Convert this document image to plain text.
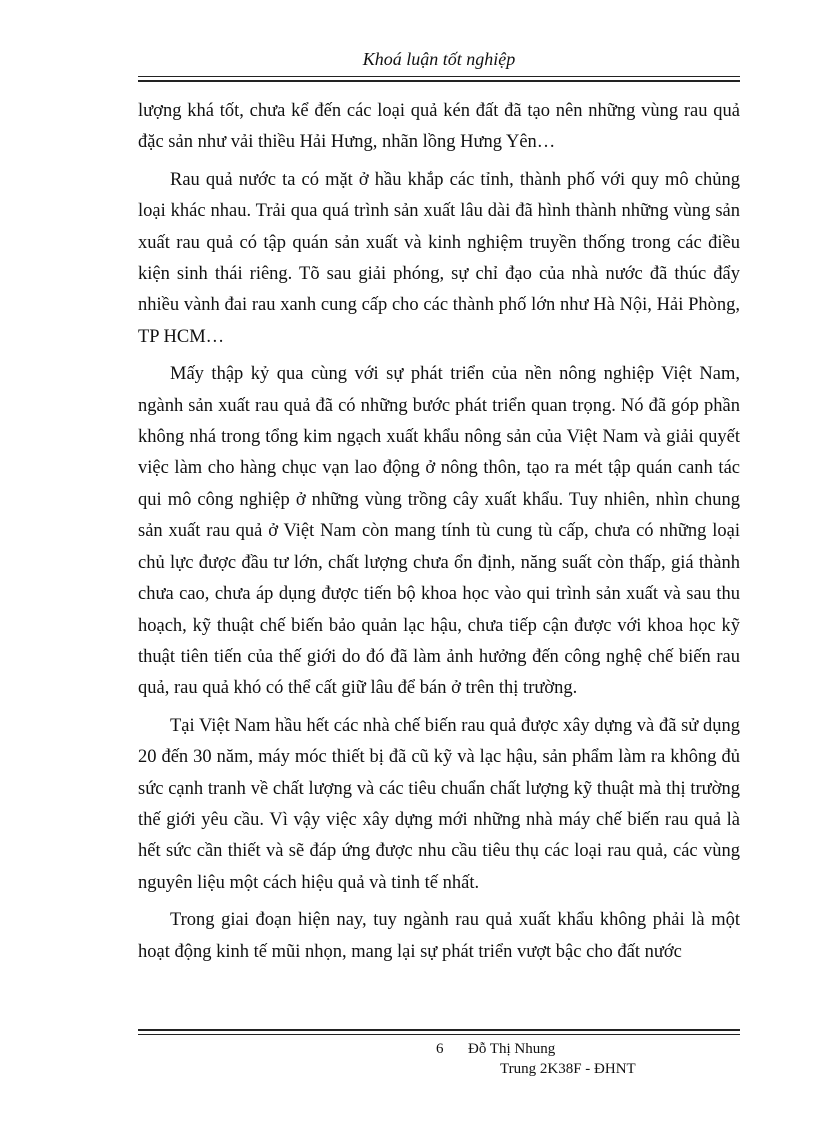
Khoá luận tốt nghiệp

lượng khá tốt, chưa kể đến các loại quả kén đất đã tạo nên những vùng rau quả đặc sản như vải thiều Hải Hưng, nhãn lồng Hưng Yên…

Rau quả nước ta có mặt ở hầu khắp các tỉnh, thành phố với quy mô chủng loại khác nhau. Trải qua quá trình sản xuất lâu dài đã hình thành những vùng sản xuất rau quả có tập quán sản xuất và kinh nghiệm truyền thống trong các điều kiện sinh thái riêng. Tõ sau giải phóng, sự chỉ đạo của nhà nước đã thúc đẩy nhiều vành đai rau xanh cung cấp cho các thành phố lớn như Hà Nội, Hải Phòng, TP HCM…

Mấy thập kỷ qua cùng với sự phát triển của nền nông nghiệp Việt Nam, ngành sản xuất rau quả đã có những bước phát triển quan trọng. Nó đã góp phần không nhá trong tổng kim ngạch xuất khẩu nông sản của Việt Nam và giải quyết việc làm cho hàng chục vạn lao động ở nông thôn, tạo ra mét tập quán canh tác qui mô công nghiệp ở những vùng trồng cây xuất khẩu. Tuy nhiên, nhìn chung sản xuất rau quả ở Việt Nam còn mang tính tù cung tù cấp, chưa có những loại chủ lực được đầu tư lớn, chất lượng chưa ổn định, năng suất còn thấp, giá thành chưa cao, chưa áp dụng được tiến bộ khoa học vào qui trình sản xuất và sau thu hoạch, kỹ thuật chế biến bảo quản lạc hậu, chưa tiếp cận được với khoa học kỹ thuật tiên tiến của thế giới do đó đã làm ảnh hưởng đến công nghệ chế biến rau quả, rau quả khó có thể cất giữ lâu để bán ở trên thị trường.

Tại Việt Nam hầu hết các nhà chế biến rau quả được xây dựng và đã sử dụng 20 đến 30 năm, máy móc thiết bị đã cũ kỹ và lạc hậu, sản phẩm làm ra không đủ sức cạnh tranh về chất lượng và các tiêu chuẩn chất lượng kỹ thuật mà thị trường thế giới yêu cầu. Vì vậy việc xây dựng mới những nhà máy chế biến rau quả là hết sức cần thiết và sẽ đáp ứng được nhu cầu tiêu thụ các loại rau quả, các vùng nguyên liệu một cách hiệu quả và tinh tế nhất.

Trong giai đoạn hiện nay, tuy ngành rau quả xuất khẩu không phải là một hoạt động kinh tế mũi nhọn, mang lại sự phát triển vượt bậc cho đất nước

6 Đỗ Thị Nhung
Trung 2K38F - ĐHNT
